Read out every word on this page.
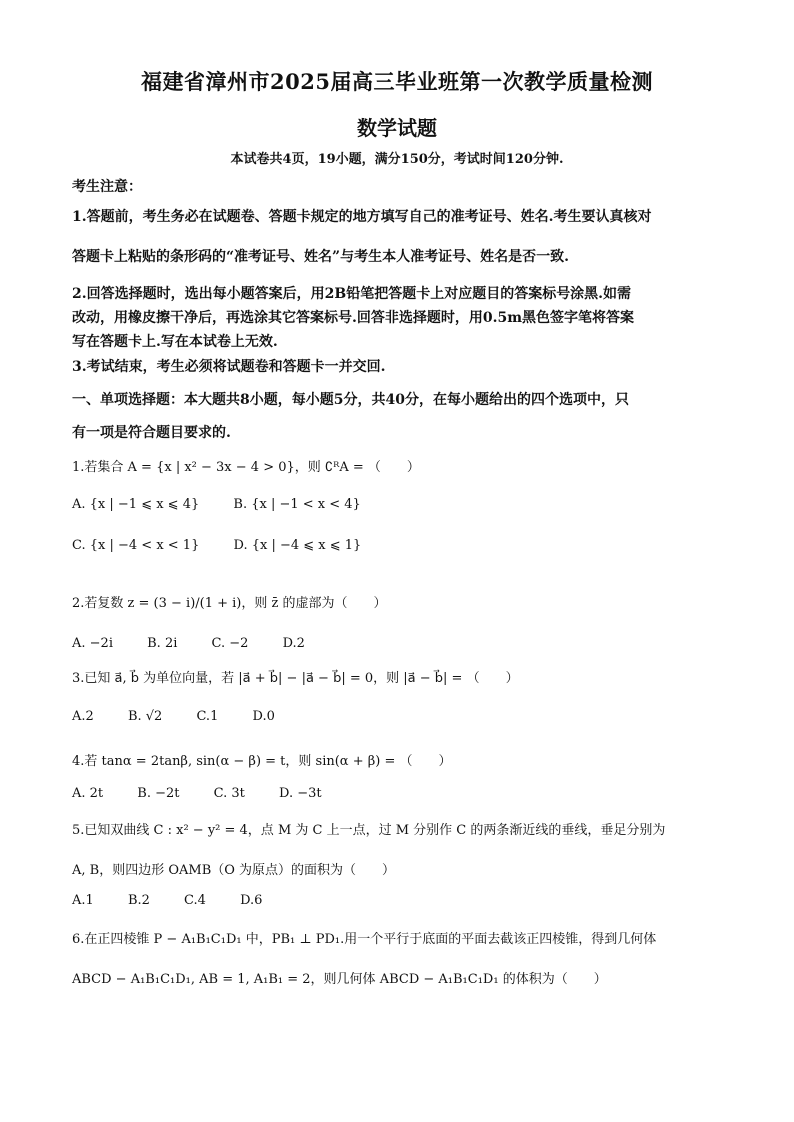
福建省漳州市2025届高三毕业班第一次教学质量检测
数学试题
本试卷共4页，19小题，满分150分，考试时间120分钟.
考生注意：
1.答题前，考生务必在试题卷、答题卡规定的地方填写自己的准考证号、姓名.考生要认真核对
答题卡上粘贴的条形码的“准考证号、姓名”与考生本人准考证号、姓名是否一致.
2.回答选择题时，选出每小题答案后，用2B铅笔把答题卡上对应题目的答案标号涂黑.如需
改动，用橡皮擦干净后，再选涂其它答案标号.回答非选择题时，用0.5m黑色签字笔将答案
写在答题卡上.写在本试卷上无效.
3.考试结束，考生必须将试题卷和答题卡一并交回.
一、单项选择题：本大题共8小题，每小题5分，共40分，在每小题给出的四个选项中，只
有一项是符合题目要求的.
1.若集合 A = {x | x² − 3x − 4 > 0}，则 ∁ᴿA = （　　）
A. {x | −1 ⩽ x ⩽ 4}	B. {x | −1 < x < 4}
C. {x | −4 < x < 1}	D. {x | −4 ⩽ x ⩽ 1}
2.若复数 z = (3 − i)/(1 + i)，则 z̄ 的虚部为（　　）
A. −2i	B. 2i	C. −2	D.2
3.已知 a⃗, b⃗ 为单位向量，若 |a⃗ + b⃗| − |a⃗ − b⃗| = 0，则 |a⃗ − b⃗| = （　　）
A.2	B. √2	C.1	D.0
4.若 tanα = 2tanβ, sin(α − β) = t，则 sin(α + β) = （　　）
A. 2t	B. −2t	C. 3t	D. −3t
5.已知双曲线 C : x² − y² = 4，点 M 为 C 上一点，过 M 分别作 C 的两条渐近线的垂线，垂足分别为
A, B，则四边形 OAMB（O 为原点）的面积为（　　）
A.1	B.2	C.4	D.6
6.在正四棱锥 P − A₁B₁C₁D₁ 中，PB₁ ⊥ PD₁.用一个平行于底面的平面去截该正四棱锥，得到几何体
ABCD − A₁B₁C₁D₁, AB = 1, A₁B₁ = 2，则几何体 ABCD − A₁B₁C₁D₁ 的体积为（　　）
